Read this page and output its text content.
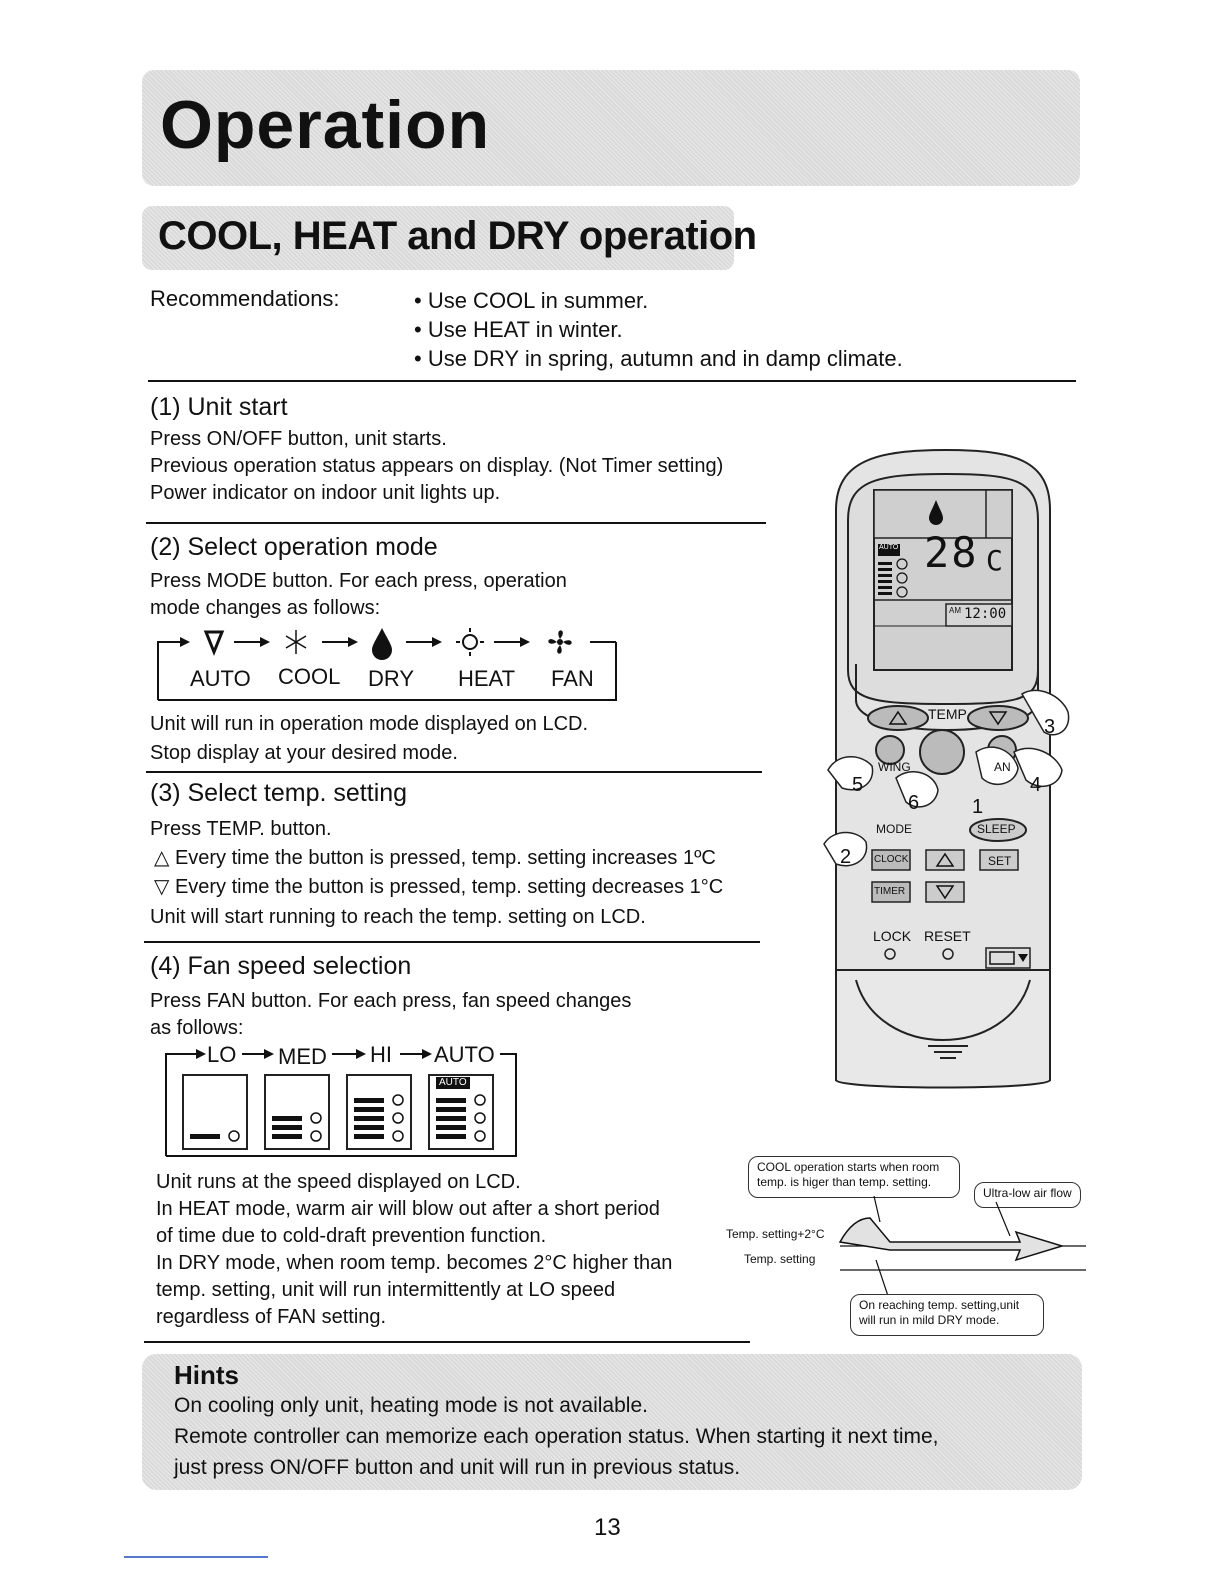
Operation
COOL, HEAT and DRY operation
Recommendations:	• Use COOL in summer.
• Use HEAT in winter.
• Use DRY in spring, autumn and in damp climate.
(1) Unit start
Press ON/OFF button, unit starts.
Previous operation status appears on display. (Not Timer setting)
Power indicator on indoor unit lights up.
(2) Select operation mode
Press MODE button. For each press, operation
mode changes as follows:
AUTO COOL DRY HEAT FAN
Unit will run in operation mode displayed on LCD.
Stop display at your desired mode.
(3) Select temp. setting
Press TEMP. button.
△ Every time the button is pressed, temp. setting increases 1ºC
▽ Every time the button is pressed, temp. setting decreases 1°C
Unit will start running to reach the temp. setting on LCD.
(4) Fan speed selection
Press FAN button. For each press, fan speed changes
as follows:
LO MED HI AUTO
AUTO
Unit runs at the speed displayed on LCD.
In HEAT mode, warm air will blow out after a short period
of time due to cold-draft prevention function.
In DRY mode, when room temp. becomes 2°C higher than
temp. setting, unit will run intermittently at LO speed
regardless of FAN setting.
28 C
AM 12:00
AUTO
TEMP
WING	AN
MODE	SLEEP
CLOCK	SET
TIMER
LOCK RESET
1
2
3
4
5
6
COOL operation starts when room
temp. is higer than temp. setting.
Ultra-low air flow
Temp. setting+2°C
Temp. setting
On reaching temp. setting,unit
will run in mild DRY mode.
Hints
On cooling only unit, heating mode is not available.
Remote controller can memorize each operation status. When starting it next time,
just press ON/OFF button and unit will run in previous status.
13
